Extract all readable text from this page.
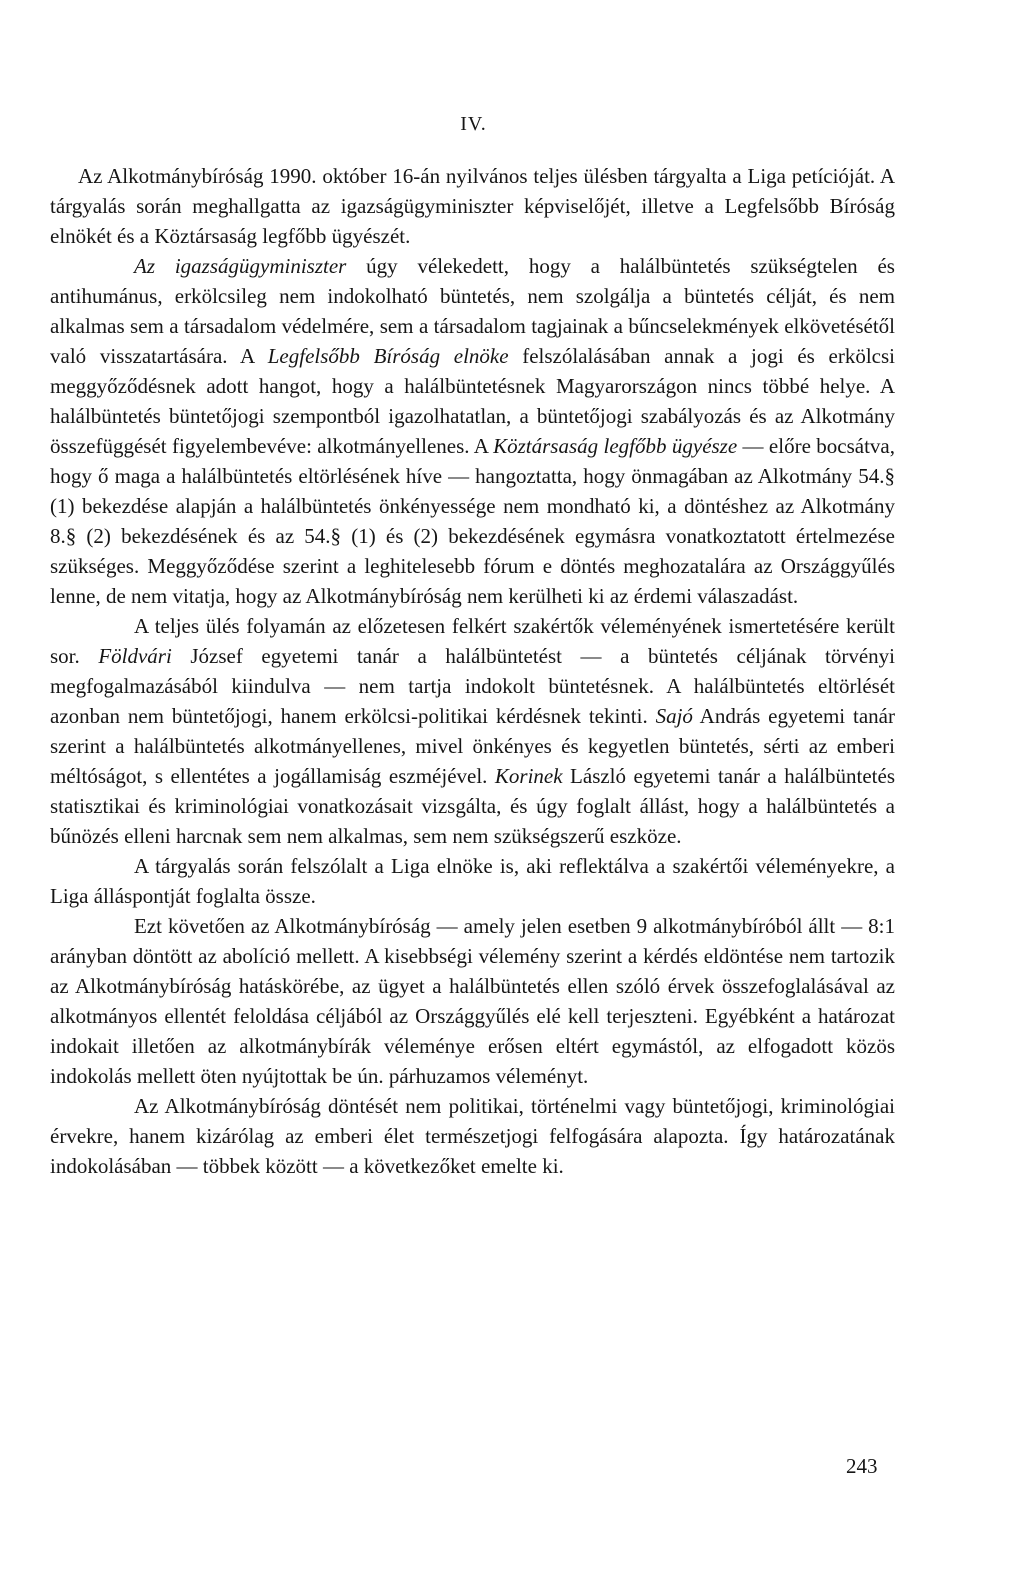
IV.

Az Alkotmánybíróság 1990. október 16-án nyilvános teljes ülésben tárgyalta a Liga petícióját. A tárgyalás során meghallgatta az igazságügyminiszter képviselőjét, illetve a Legfelsőbb Bíróság elnökét és a Köztársaság legfőbb ügyészét.

Az igazságügyminiszter úgy vélekedett, hogy a halálbüntetés szükségtelen és antihumánus, erkölcsileg nem indokolható büntetés, nem szolgálja a büntetés célját, és nem alkalmas sem a társadalom védelmére, sem a társadalom tagjainak a bűncselekmények elkövetésétől való visszatartására. A Legfelsőbb Bíróság elnöke felszólalásában annak a jogi és erkölcsi meggyőződésnek adott hangot, hogy a halálbüntetésnek Magyarországon nincs többé helye. A halálbüntetés büntetőjogi szempontból igazolhatatlan, a büntetőjogi szabályozás és az Alkotmány összefüggését figyelembevéve: alkotmányellenes. A Köztársaság legfőbb ügyésze — előre bocsátva, hogy ő maga a halálbüntetés eltörlésének híve — hangoztatta, hogy önmagában az Alkotmány 54.§ (1) bekezdése alapján a halálbüntetés önkényessége nem mondható ki, a döntéshez az Alkotmány 8.§ (2) bekezdésének és az 54.§ (1) és (2) bekezdésének egymásra vonatkoztatott értelmezése szükséges. Meggyőződése szerint a leghitelesebb fórum e döntés meghozatalára az Országgyűlés lenne, de nem vitatja, hogy az Alkotmánybíróság nem kerülheti ki az érdemi válaszadást.

A teljes ülés folyamán az előzetesen felkért szakértők véleményének ismertetésére került sor. Földvári József egyetemi tanár a halálbüntetést — a büntetés céljának törvényi megfogalmazásából kiindulva — nem tartja indokolt büntetésnek. A halálbüntetés eltörlését azonban nem büntetőjogi, hanem erkölcsi-politikai kérdésnek tekinti. Sajó András egyetemi tanár szerint a halálbüntetés alkotmányellenes, mivel önkényes és kegyetlen büntetés, sérti az emberi méltóságot, s ellentétes a jogállamiság eszméjével. Korinek László egyetemi tanár a halálbüntetés statisztikai és kriminológiai vonatkozásait vizsgálta, és úgy foglalt állást, hogy a halálbüntetés a bűnözés elleni harcnak sem nem alkalmas, sem nem szükségszerű eszköze.

A tárgyalás során felszólalt a Liga elnöke is, aki reflektálva a szakértői véleményekre, a Liga álláspontját foglalta össze.

Ezt követően az Alkotmánybíróság — amely jelen esetben 9 alkotmánybíróból állt — 8:1 arányban döntött az abolíció mellett. A kisebbségi vélemény szerint a kérdés eldöntése nem tartozik az Alkotmánybíróság hatáskörébe, az ügyet a halálbüntetés ellen szóló érvek összefoglalásával az alkotmányos ellentét feloldása céljából az Országgyűlés elé kell terjeszteni. Egyébként a határozat indokait illetően az alkotmánybírák véleménye erősen eltért egymástól, az elfogadott közös indokolás mellett öten nyújtottak be ún. párhuzamos véleményt.

Az Alkotmánybíróság döntését nem politikai, történelmi vagy büntetőjogi, kriminológiai érvekre, hanem kizárólag az emberi élet természetjogi felfogására alapozta. Így határozatának indokolásában — többek között — a következőket emelte ki.

243
